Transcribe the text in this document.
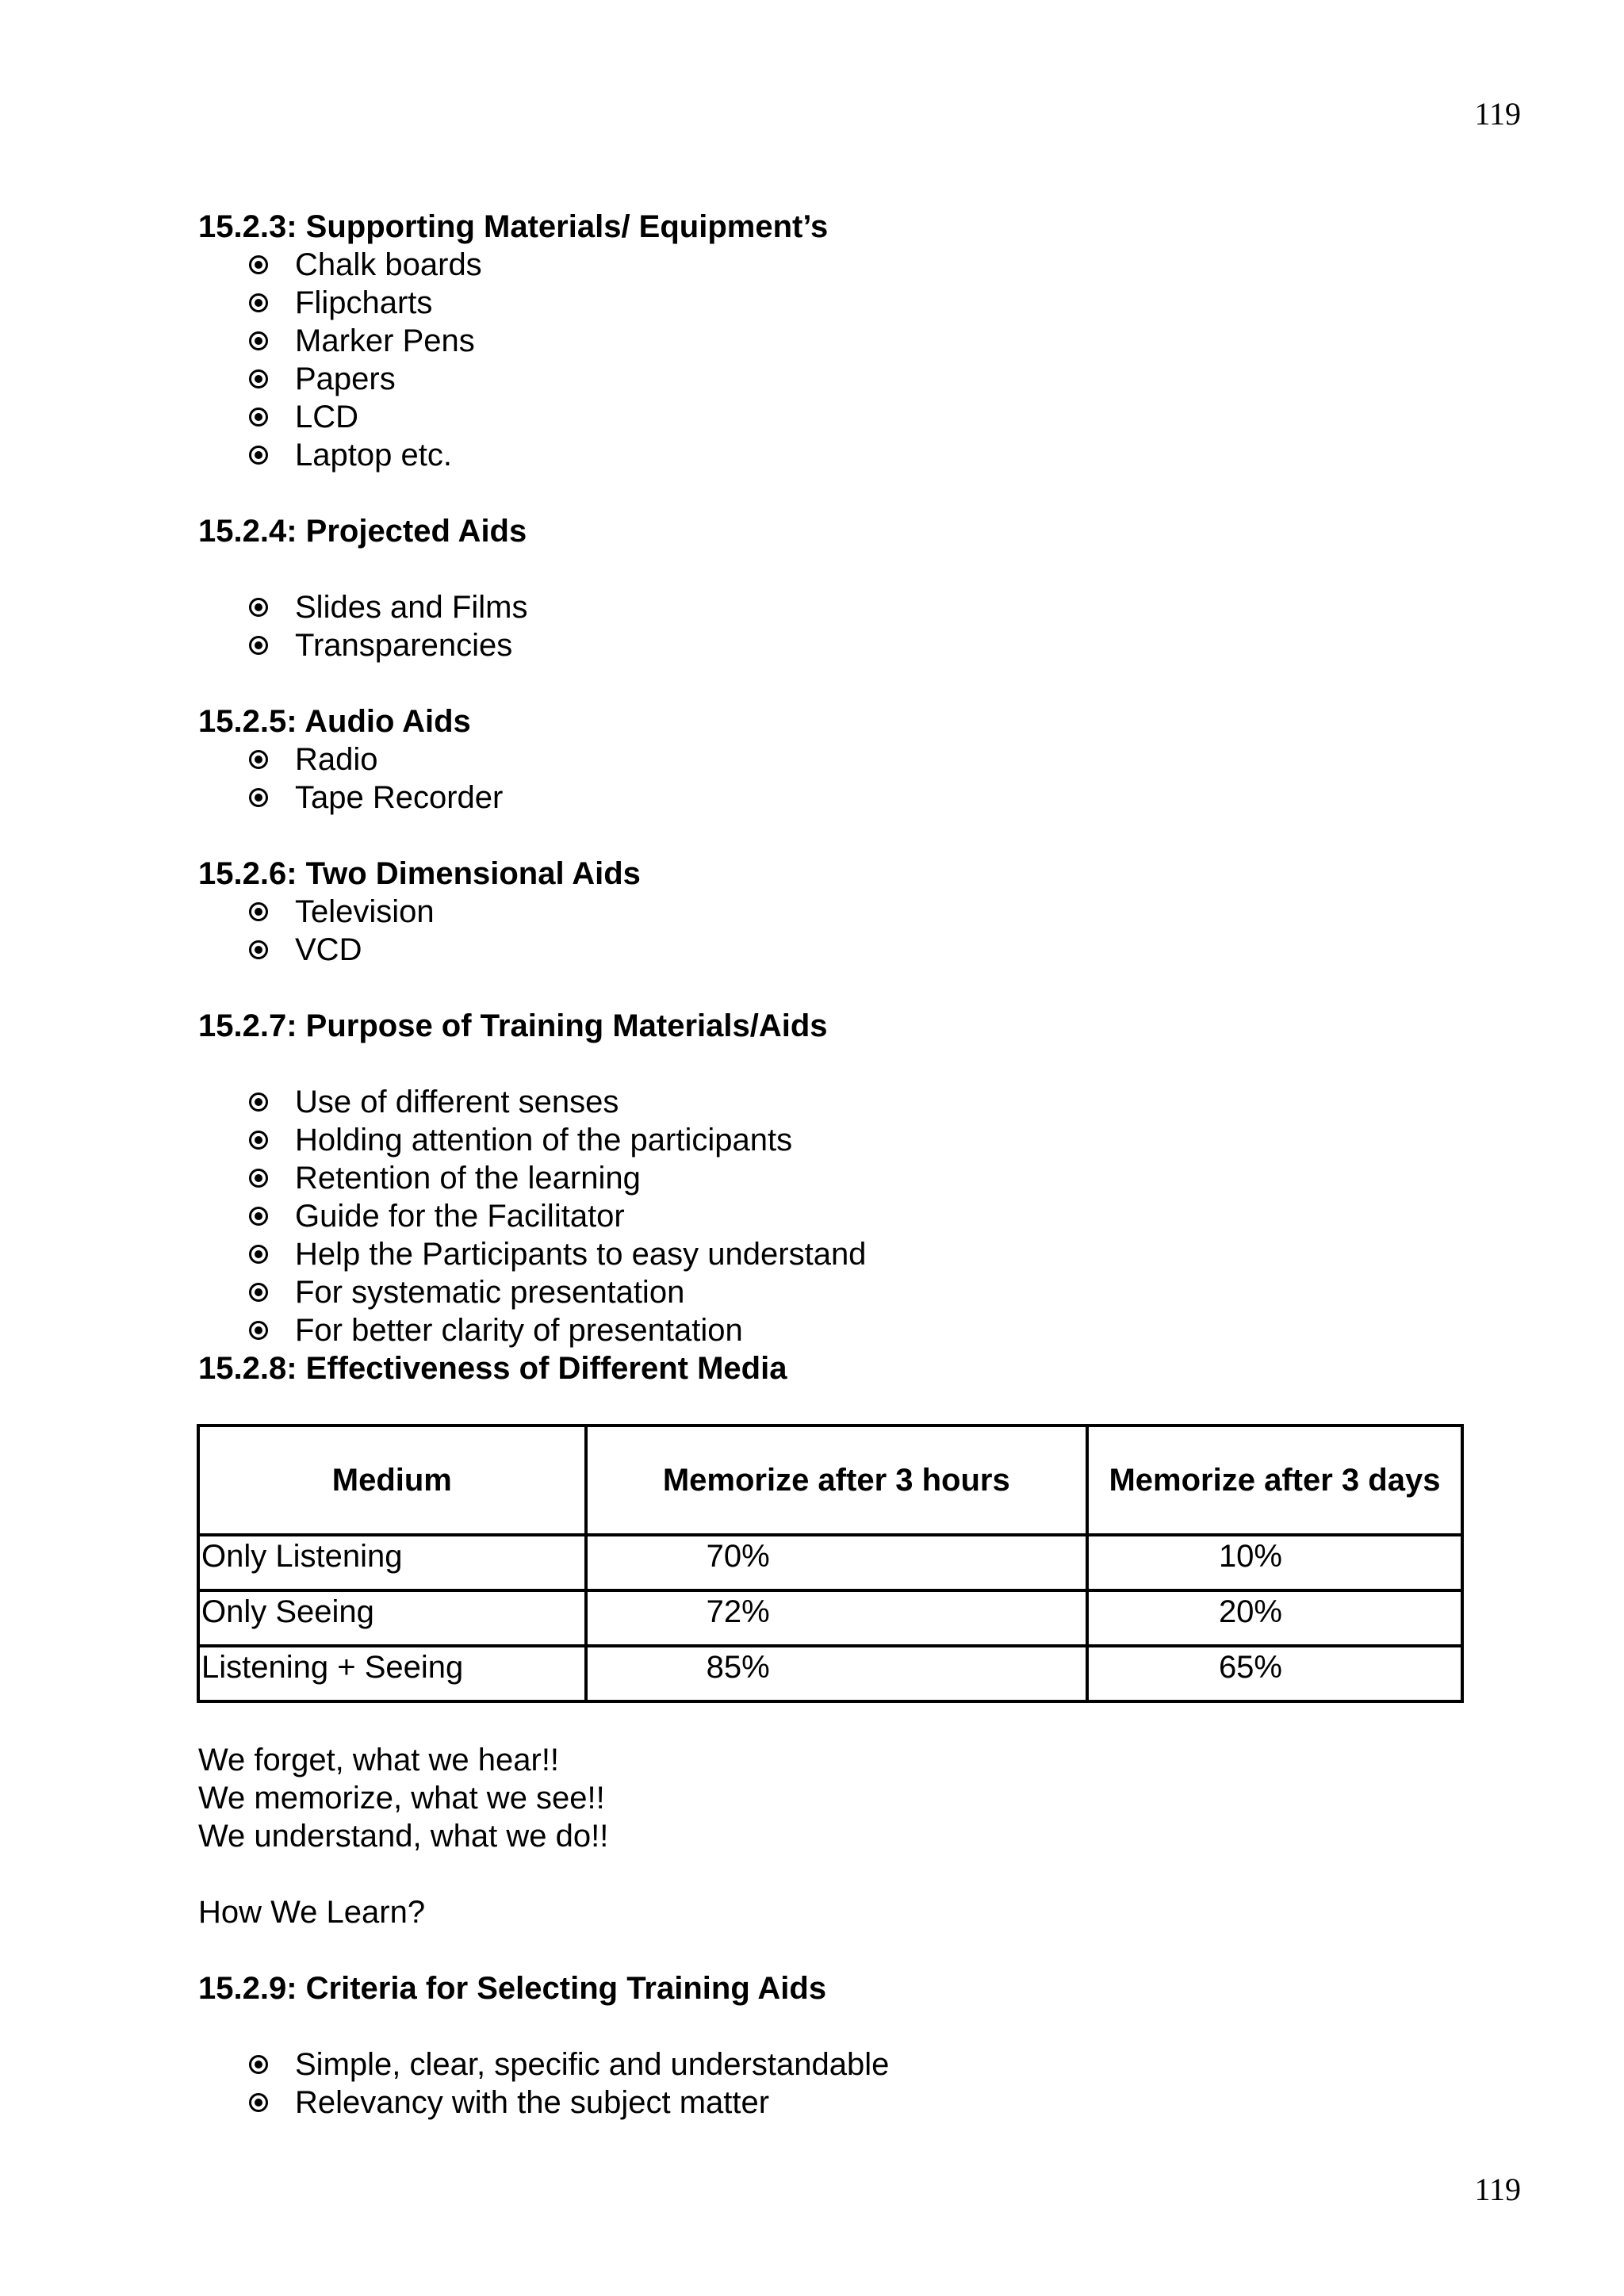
119
15.2.3: Supporting Materials/ Equipment’s
Chalk boards
Flipcharts
Marker Pens
Papers
LCD
Laptop etc.
15.2.4: Projected Aids
Slides and Films
Transparencies
15.2.5: Audio Aids
Radio
Tape Recorder
15.2.6: Two Dimensional Aids
Television
VCD
15.2.7: Purpose of Training Materials/Aids
Use of different senses
Holding attention of the participants
Retention of the learning
Guide for the Facilitator
Help the Participants to easy understand
For systematic presentation
For better clarity of presentation
15.2.8: Effectiveness of Different Media
Medium	Memorize after 3 hours	Memorize after 3 days
Only Listening	70%	10%
Only Seeing	72%	20%
Listening + Seeing	85%	65%
We forget, what we hear!!
We memorize, what we see!!
We understand, what we do!!
How We Learn?
15.2.9: Criteria for Selecting Training Aids
Simple, clear, specific and understandable
Relevancy with the subject matter
119
